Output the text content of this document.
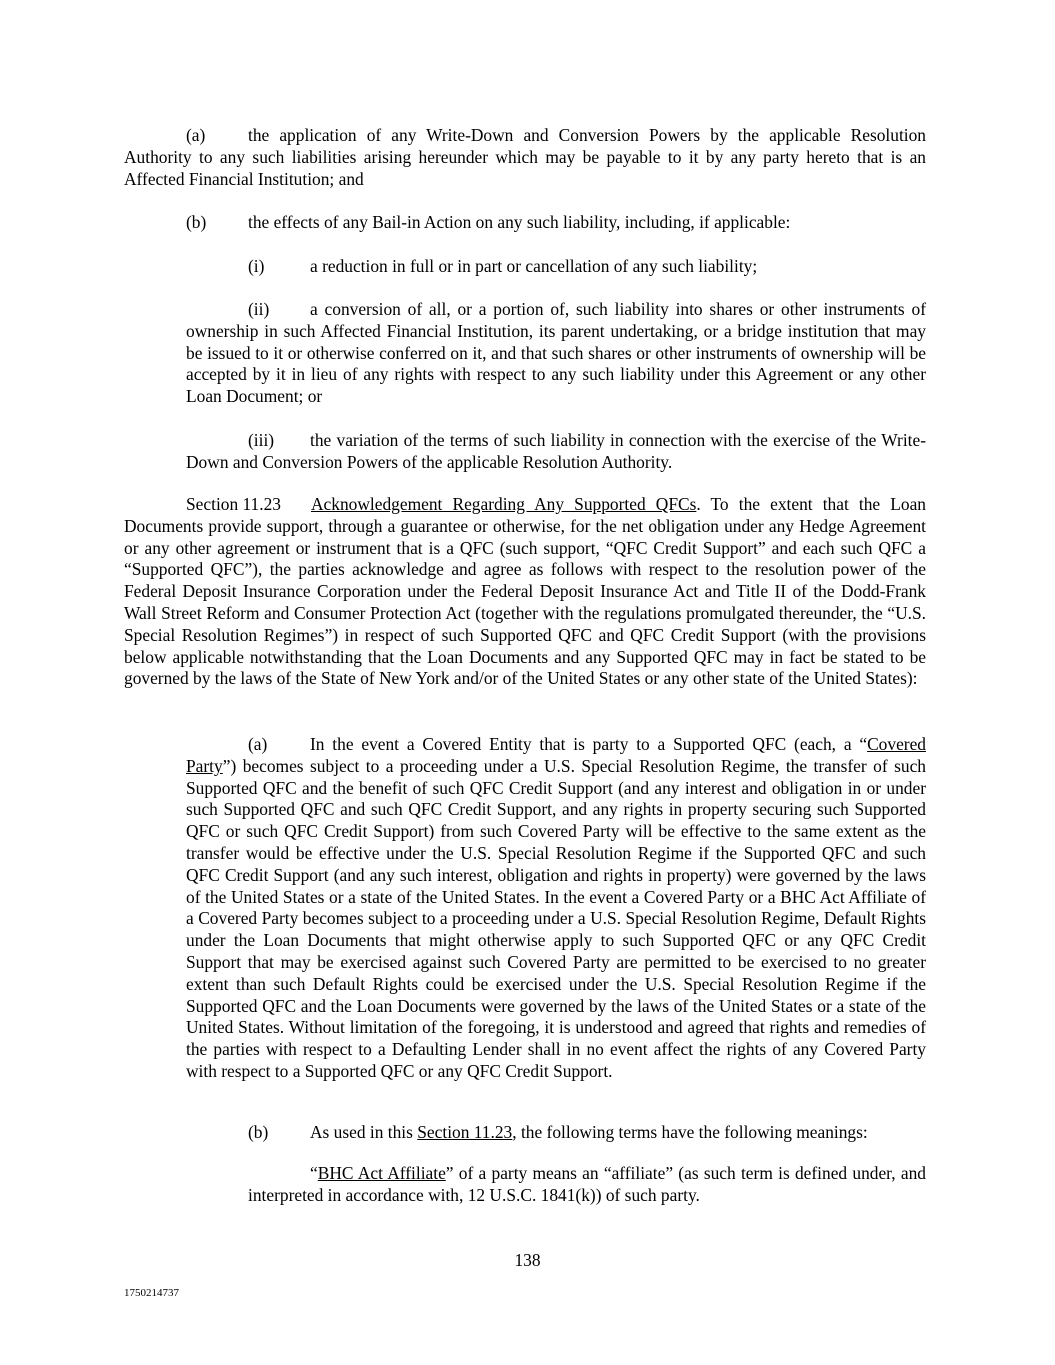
(a) the application of any Write-Down and Conversion Powers by the applicable Resolution Authority to any such liabilities arising hereunder which may be payable to it by any party hereto that is an Affected Financial Institution; and

(b) the effects of any Bail-in Action on any such liability, including, if applicable:

(i)	a reduction in full or in part or cancellation of any such liability;

(ii) a conversion of all, or a portion of, such liability into shares or other instruments of ownership in such Affected Financial Institution, its parent undertaking, or a bridge institution that may be issued to it or otherwise conferred on it, and that such shares or other instruments of ownership will be accepted by it in lieu of any rights with respect to any such liability under this Agreement or any other Loan Document; or

(iii) the variation of the terms of such liability in connection with the exercise of the Write-Down and Conversion Powers of the applicable Resolution Authority.

Section 11.23 Acknowledgement Regarding Any Supported QFCs. To the extent that the Loan Documents provide support, through a guarantee or otherwise, for the net obligation under any Hedge Agreement or any other agreement or instrument that is a QFC (such support, “QFC Credit Support” and each such QFC a “Supported QFC”), the parties acknowledge and agree as follows with respect to the resolution power of the Federal Deposit Insurance Corporation under the Federal Deposit Insurance Act and Title II of the Dodd-Frank Wall Street Reform and Consumer Protection Act (together with the regulations promulgated thereunder, the “U.S. Special Resolution Regimes”) in respect of such Supported QFC and QFC Credit Support (with the provisions below applicable notwithstanding that the Loan Documents and any Supported QFC may in fact be stated to be governed by the laws of the State of New York and/or of the United States or any other state of the United States):

(a) In the event a Covered Entity that is party to a Supported QFC (each, a “Covered Party”) becomes subject to a proceeding under a U.S. Special Resolution Regime, the transfer of such Supported QFC and the benefit of such QFC Credit Support (and any interest and obligation in or under such Supported QFC and such QFC Credit Support, and any rights in property securing such Supported QFC or such QFC Credit Support) from such Covered Party will be effective to the same extent as the transfer would be effective under the U.S. Special Resolution Regime if the Supported QFC and such QFC Credit Support (and any such interest, obligation and rights in property) were governed by the laws of the United States or a state of the United States. In the event a Covered Party or a BHC Act Affiliate of a Covered Party becomes subject to a proceeding under a U.S. Special Resolution Regime, Default Rights under the Loan Documents that might otherwise apply to such Supported QFC or any QFC Credit Support that may be exercised against such Covered Party are permitted to be exercised to no greater extent than such Default Rights could be exercised under the U.S. Special Resolution Regime if the Supported QFC and the Loan Documents were governed by the laws of the United States or a state of the United States. Without limitation of the foregoing, it is understood and agreed that rights and remedies of the parties with respect to a Defaulting Lender shall in no event affect the rights of any Covered Party with respect to a Supported QFC or any QFC Credit Support.

(b) As used in this Section 11.23, the following terms have the following meanings:

“BHC Act Affiliate” of a party means an “affiliate” (as such term is defined under, and interpreted in accordance with, 12 U.S.C. 1841(k)) of such party.

138
1750214737
